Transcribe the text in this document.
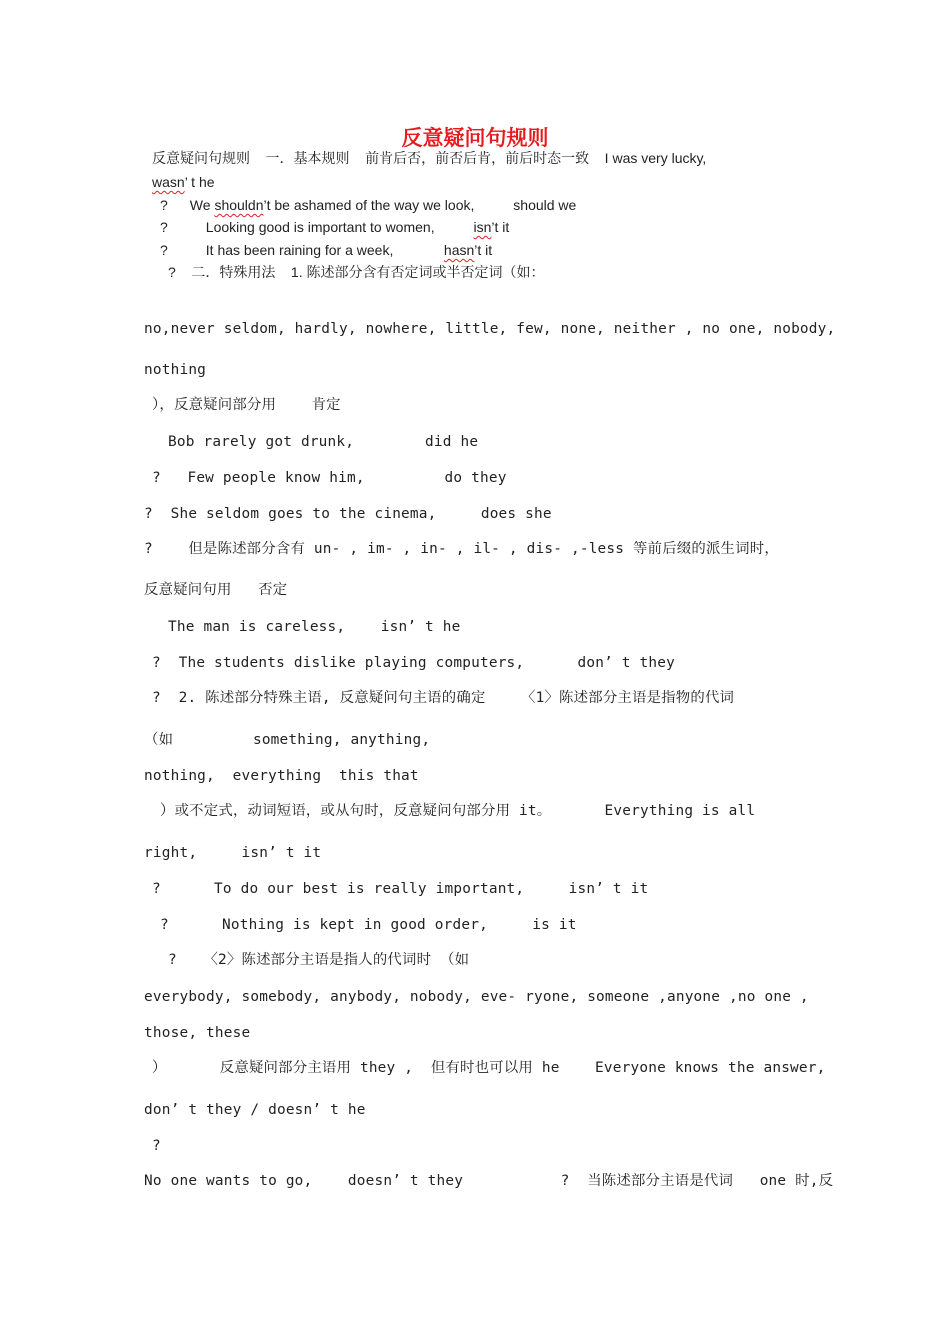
反意疑问句规则
反意疑问句规则    一．基本规则    前肯后否，前否后肯，前后时态一致    I was very lucky,
wasn’ t he
? We shouldn’t be ashamed of the way we look,          should we
?	Looking good is important to women,          isn’t it
?	It has been raining for a week,             hasn’t it
?    二．特殊用法    1. 陈述部分含有否定词或半否定词（如：
no,never seldom, hardly, nowhere, little, few, none, neither , no one, nobody,
nothing
），反意疑问部分用    肯定
Bob rarely got drunk,        did he
?   Few people know him,         do they
?  She seldom goes to the cinema,     does she
?    但是陈述部分含有 un- , im- , in- , il- , dis- ,-less 等前后缀的派生词时，
反意疑问句用   否定
The man is careless,    isn’ t he
?  The students dislike playing computers,      don’ t they
?  2. 陈述部分特殊主语, 反意疑问句主语的确定    〈1〉陈述部分主语是指物的代词
（如         something, anything,
nothing,  everything  this that
）或不定式，动词短语，或从句时，反意疑问句部分用 it。      Everything is all
right,     isn’ t it
?      To do our best is really important,     isn’ t it
?      Nothing is kept in good order,     is it
?   〈2〉陈述部分主语是指人的代词时 （如
everybody, somebody, anybody, nobody, eve- ryone, someone ,anyone ,no one ,
those, these
）      反意疑问部分主语用 they ,  但有时也可以用 he    Everyone knows the answer,
don’ t they / doesn’ t he
?
No one wants to go,    doesn’ t they           ?  当陈述部分主语是代词   one 时,反
